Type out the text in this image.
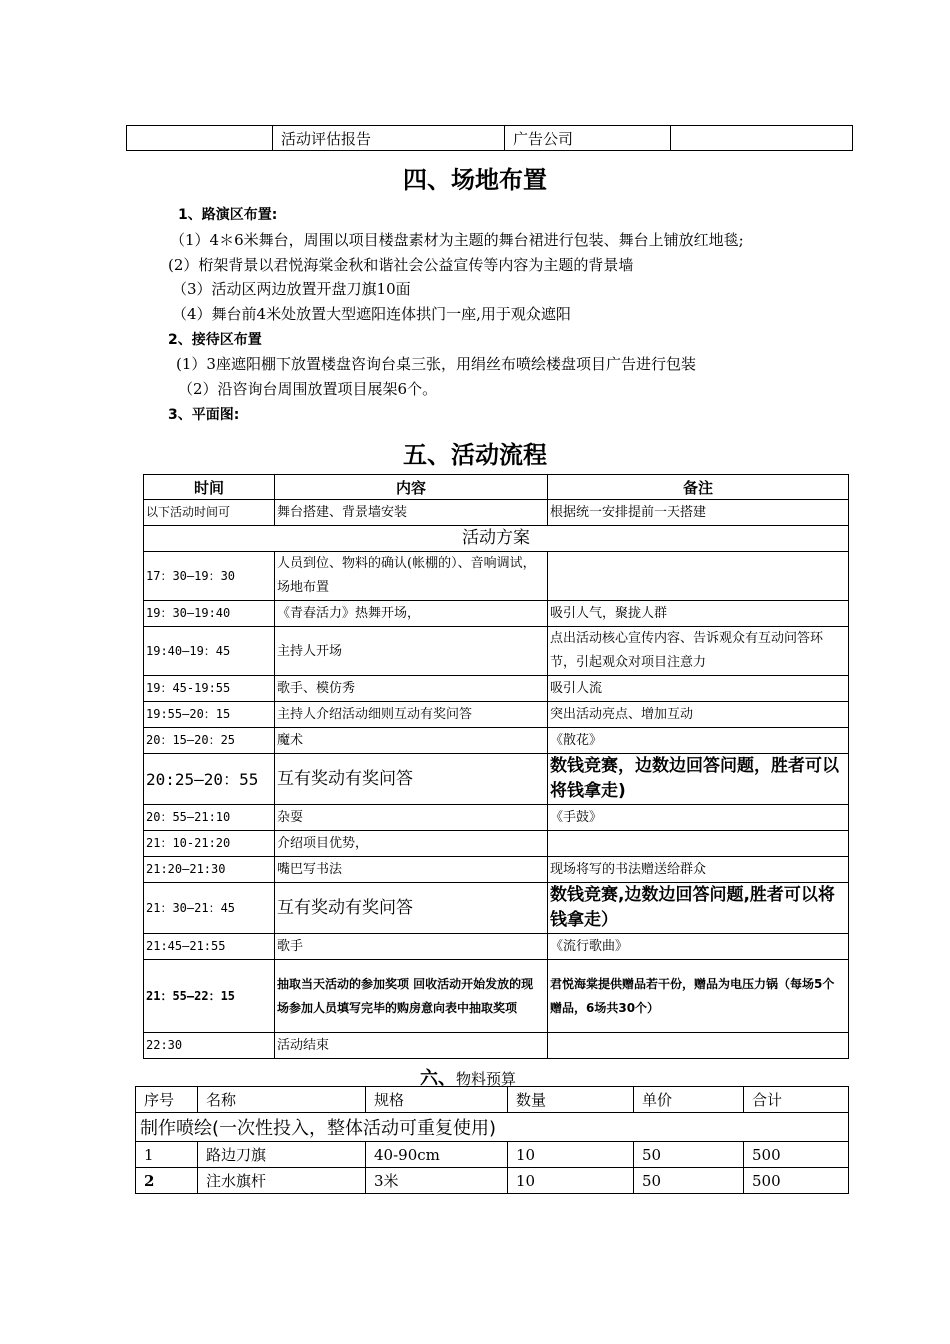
	活动评估报告	广告公司	
四、场地布置
1、路演区布置:
（1）4＊6米舞台，周围以项目楼盘素材为主题的舞台裙进行包装、舞台上铺放红地毯;
(2）桁架背景以君悦海棠金秋和谐社会公益宣传等内容为主题的背景墙
（3）活动区两边放置开盘刀旗10面
（4）舞台前4米处放置大型遮阳连体拱门一座,用于观众遮阳
2、接待区布置
(1）3座遮阳棚下放置楼盘咨询台桌三张，用绢丝布喷绘楼盘项目广告进行包装
（2）沿咨询台周围放置项目展架6个。
3、平面图:
五、活动流程
时间	内容	备注
以下活动时间可	舞台搭建、背景墙安装	根据统一安排提前一天搭建
活动方案		
17：30—19：30	人员到位、物料的确认(帐棚的）、音响调试，场地布置	
19：30—19:40	《青春活力》热舞开场，	吸引人气，聚拢人群
19:40—19：45	主持人开场	点出活动核心宣传内容、告诉观众有互动问答环节，引起观众对项目注意力
19：45-19:55	歌手、模仿秀	吸引人流
19:55—20：15	主持人介绍活动细则互动有奖问答	突出活动亮点、增加互动
20：15—20：25	魔术	《散花》
20:25—20：55	互有奖动有奖问答	数钱竞赛，边数边回答问题，胜者可以将钱拿走)
20：55—21:10	杂耍	《手鼓》
21：10-21:20	介绍项目优势，	
21:20—21:30	嘴巴写书法	现场将写的书法赠送给群众
21：30—21：45	互有奖动有奖问答	数钱竞赛,边数边回答问题,胜者可以将钱拿走）
21:45—21:55	歌手	《流行歌曲》
21：55—22：15	抽取当天活动的参加奖项 回收活动开始发放的现场参加人员填写完毕的购房意向表中抽取奖项	君悦海棠提供赠品若干份，赠品为电压力锅（每场5个赠品，6场共30个）
22:30	活动结束	
六、物料预算
序号	名称	规格	数量	单价	合计
制作喷绘(一次性投入，整体活动可重复使用)					
1	路边刀旗	40-90cm	10	50	500
2	注水旗杆	3米	10	50	500
